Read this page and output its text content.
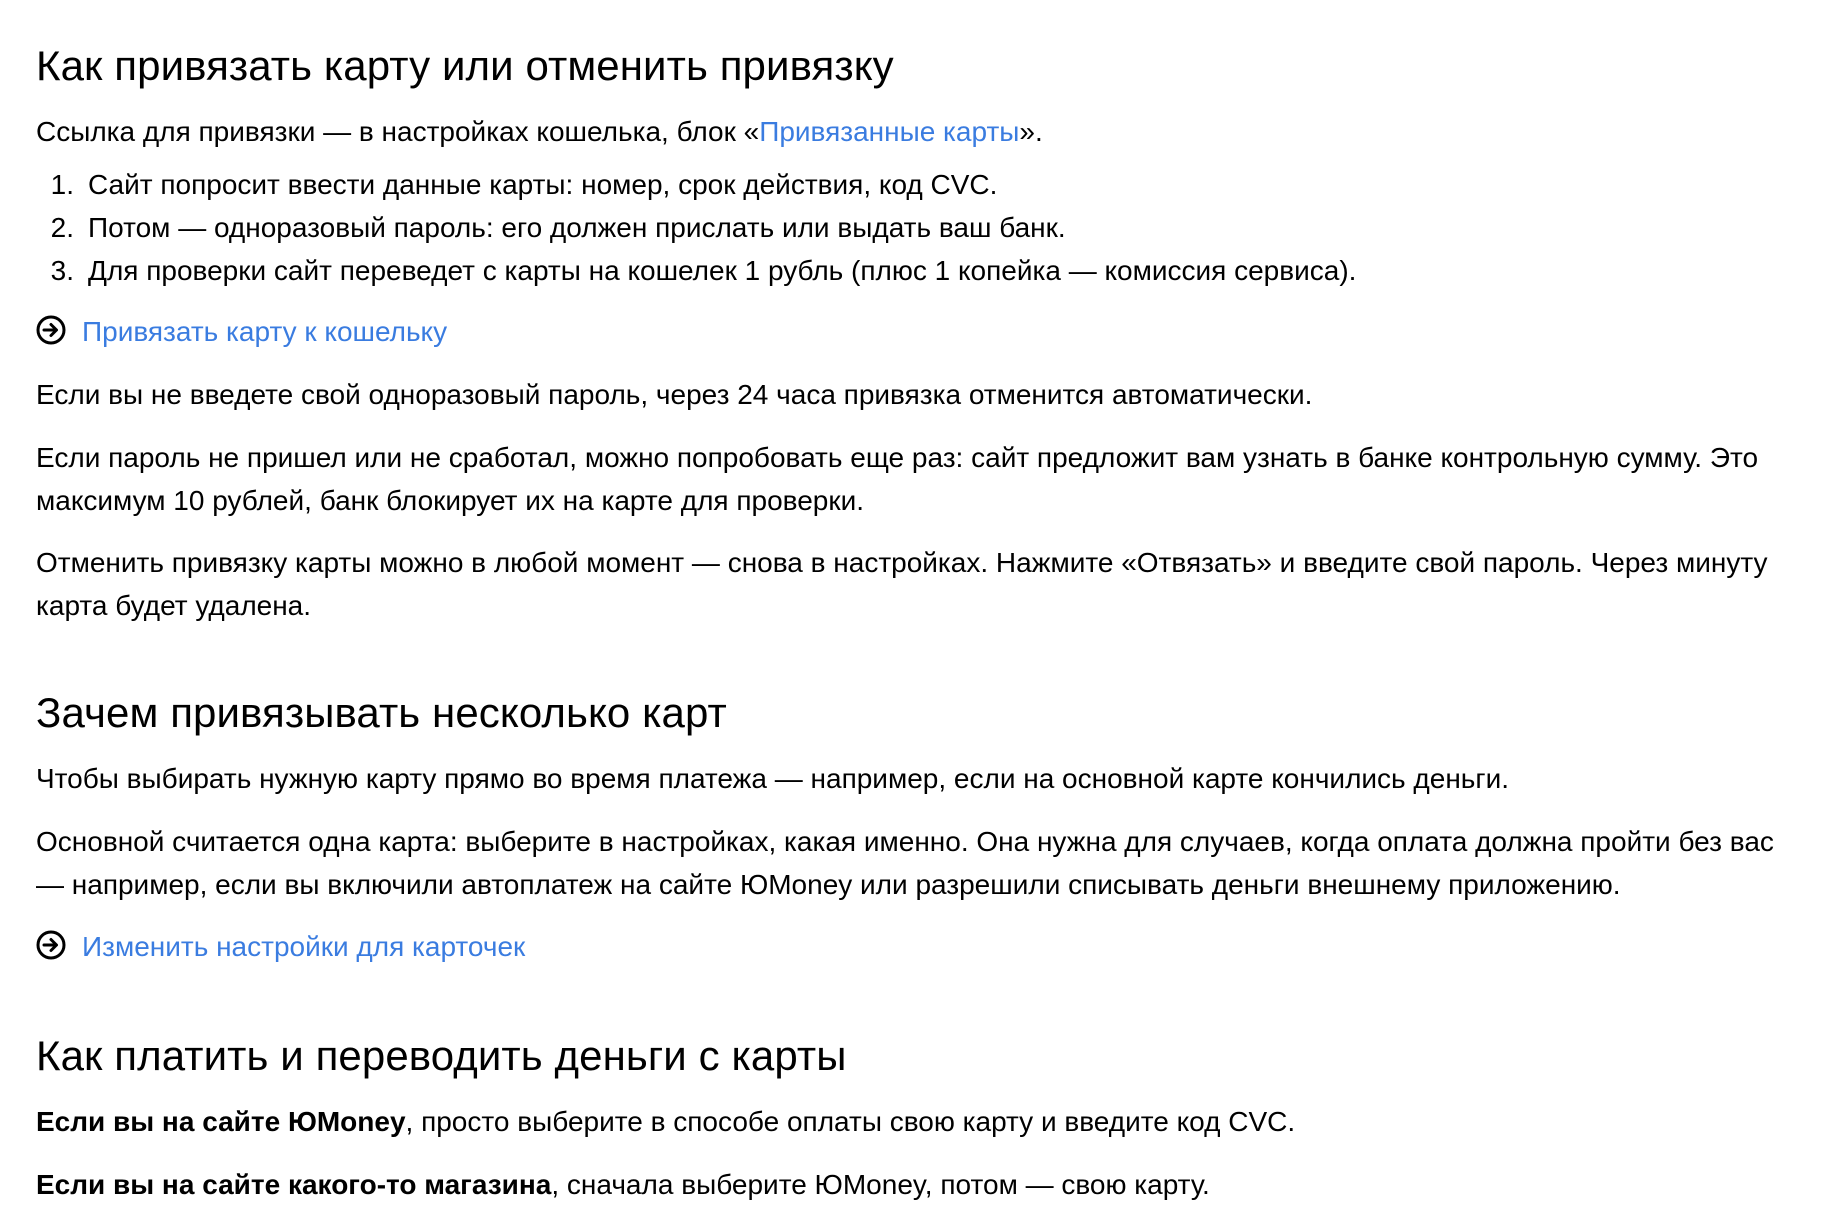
Как привязать карту или отменить привязку

Ссылка для привязки — в настройках кошелька, блок «Привязанные карты».

1. Сайт попросит ввести данные карты: номер, срок действия, код CVC.
2. Потом — одноразовый пароль: его должен прислать или выдать ваш банк.
3. Для проверки сайт переведет с карты на кошелек 1 рубль (плюс 1 копейка — комиссия сервиса).
Привязать карту к кошельку

Если вы не введете свой одноразовый пароль, через 24 часа привязка отменится автоматически.

Если пароль не пришел или не сработал, можно попробовать еще раз: сайт предложит вам узнать в банке контрольную сумму. Это максимум 10 рублей, банк блокирует их на карте для проверки.

Отменить привязку карты можно в любой момент — снова в настройках. Нажмите «Отвязать» и введите свой пароль. Через минуту карта будет удалена.

Зачем привязывать несколько карт

Чтобы выбирать нужную карту прямо во время платежа — например, если на основной карте кончились деньги.

Основной считается одна карта: выберите в настройках, какая именно. Она нужна для случаев, когда оплата должна пройти без вас — например, если вы включили автоплатеж на сайте ЮMoney или разрешили списывать деньги внешнему приложению.

Изменить настройки для карточек
Как платить и переводить деньги с карты

Если вы на сайте ЮMoney, просто выберите в способе оплаты свою карту и введите код CVC.

Если вы на сайте какого-то магазина, сначала выберите ЮMoney, потом — свою карту.
